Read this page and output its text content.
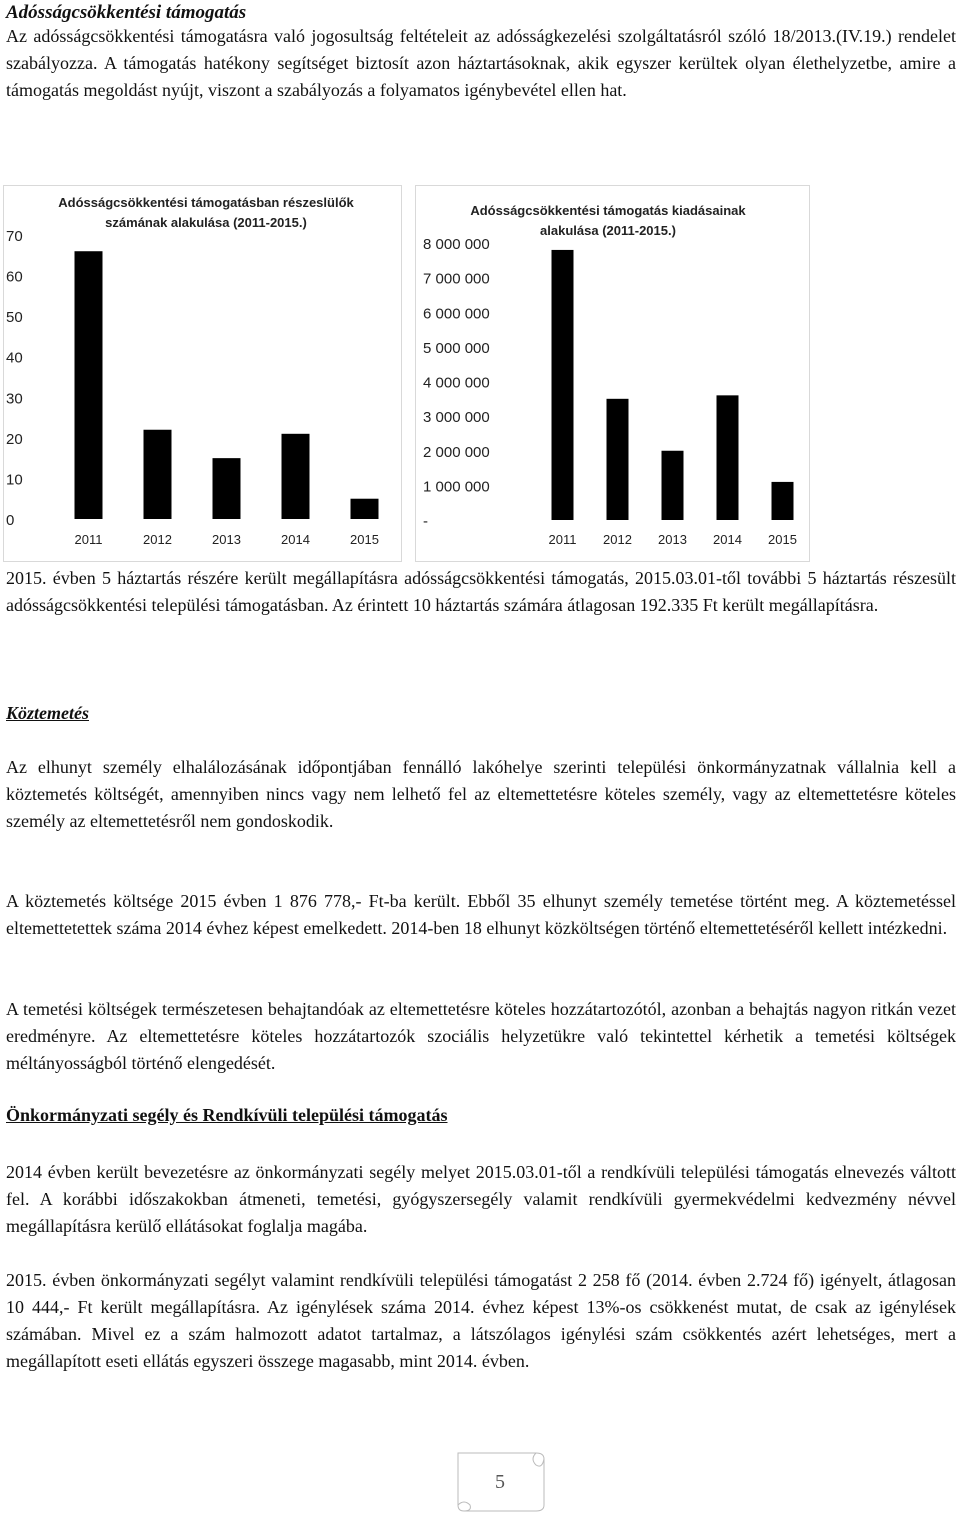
Adósságcsökkentési támogatás

Az adósságcsökkentési támogatásra való jogosultság feltételeit az adósságkezelési szolgáltatásról szóló 18/2013.(IV.19.) rendelet szabályozza. A támogatás hatékony segítséget biztosít azon háztartásoknak, akik egyszer kerültek olyan élethelyzetbe, amire a támogatás megoldást nyújt, viszont a szabályozás a folyamatos igénybevétel ellen hat.

Adósságcsökkentési támogatásban részeslülők
számának alakulása (2011-2015.)
0
10
20
30
40
50
60
70
2011	2012	2013	2014	2015
Adósságcsökkentési támogatás kiadásainak
alakulása (2011-2015.)
-
1 000 000
2 000 000
3 000 000
4 000 000
5 000 000
6 000 000
7 000 000
8 000 000
2011 2012 2013 2014 2015

2015. évben 5 háztartás részére került megállapításra adósságcsökkentési támogatás, 2015.03.01-től további 5 háztartás részesült adósságcsökkentési települési támogatásban. Az érintett 10 háztartás számára átlagosan 192.335 Ft került megállapításra.

Köztemetés

Az elhunyt személy elhalálozásának időpontjában fennálló lakóhelye szerinti települési önkormányzatnak vállalnia kell a köztemetés költségét, amennyiben nincs vagy nem lelhető fel az eltemettetésre köteles személy, vagy az eltemettetésre köteles személy az eltemettetésről nem gondoskodik.

A köztemetés költsége 2015 évben 1 876 778,- Ft-ba került. Ebből 35 elhunyt személy temetése történt meg. A köztemetéssel eltemettetettek száma 2014 évhez képest emelkedett. 2014-ben 18 elhunyt közköltségen történő eltemettetéséről kellett intézkedni.

A temetési költségek természetesen behajtandóak az eltemettetésre köteles hozzátartozótól, azonban a behajtás nagyon ritkán vezet eredményre. Az eltemettetésre köteles hozzátartozók szociális helyzetükre való tekintettel kérhetik a temetési költségek méltányosságból történő elengedését.

Önkormányzati segély és Rendkívüli települési támogatás

2014 évben került bevezetésre az önkormányzati segély melyet 2015.03.01-től a rendkívüli települési támogatás elnevezés váltott fel. A korábbi időszakokban átmeneti, temetési, gyógyszersegély valamit rendkívüli gyermekvédelmi kedvezmény névvel megállapításra kerülő ellátásokat foglalja magába.

2015. évben önkormányzati segélyt valamint rendkívüli települési támogatást 2 258 fő (2014. évben 2.724 fő) igényelt, átlagosan 10 444,- Ft került megállapításra. Az igénylések száma 2014. évhez képest 13%-os csökkenést mutat, de csak az igénylések számában. Mivel ez a szám halmozott adatot tartalmaz, a látszólagos igénylési szám csökkentés azért lehetséges, mert a megállapított eseti ellátás egyszeri összege magasabb, mint 2014. évben.

5
